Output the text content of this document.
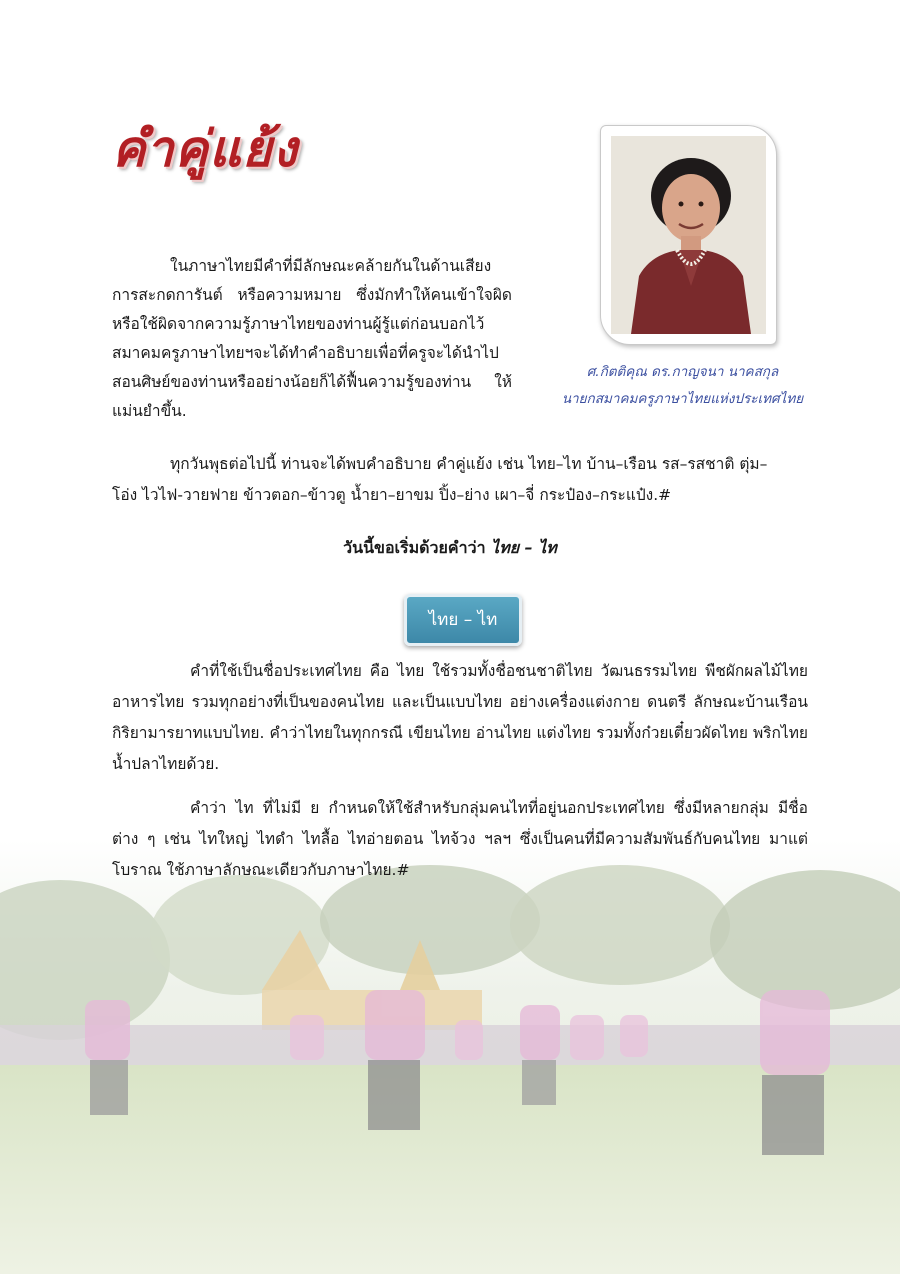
คำคู่แย้ง

ศ.กิตติคุณ ดร.กาญจนา นาคสกุล

นายกสมาคมครูภาษาไทยแห่งประเทศไทย

ในภาษาไทยมีคำที่มีลักษณะคล้ายกันในด้านเสียง การสะกดการันต์ หรือความหมาย ซึ่งมักทำให้คนเข้าใจผิด หรือใช้ผิดจากความรู้ภาษาไทยของท่านผู้รู้แต่ก่อนบอกไว้ สมาคมครูภาษาไทยฯจะได้ทำคำอธิบายเพื่อที่ครูจะได้นำไปสอนศิษย์ของท่านหรืออย่างน้อยก็ได้ฟื้นความรู้ของท่าน ให้แม่นยำขึ้น.

ทุกวันพุธต่อไปนี้ ท่านจะได้พบคำอธิบาย คำคู่แย้ง เช่น ไทย–ไท บ้าน–เรือน รส–รสชาติ ตุ่ม–โอ่ง ไวไฟ-วายฟาย ข้าวตอก–ข้าวตู น้ำยา–ยาขม ปิ้ง–ย่าง เผา–จี่ กระป๋อง–กระแป๋ง.#

วันนี้ขอเริ่มด้วยคำว่า ไทย – ไท

ไทย – ไท

คำที่ใช้เป็นชื่อประเทศไทย คือ ไทย ใช้รวมทั้งชื่อชนชาติไทย วัฒนธรรมไทย พืชผักผลไม้ไทย อาหารไทย รวมทุกอย่างที่เป็นของคนไทย และเป็นแบบไทย อย่างเครื่องแต่งกาย ดนตรี ลักษณะบ้านเรือน กิริยามารยาทแบบไทย. คำว่าไทยในทุกกรณี เขียนไทย อ่านไทย แต่งไทย รวมทั้งก๋วยเตี๋ยวผัดไทย พริกไทย น้ำปลาไทยด้วย.

คำว่า ไท ที่ไม่มี ย กำหนดให้ใช้สำหรับกลุ่มคนไทที่อยู่นอกประเทศไทย ซึ่งมีหลายกลุ่ม มีชื่อต่าง ๆ เช่น ไทใหญ่ ไทดำ ไทลื้อ ไทอ่ายตอน ไทจ้วง ฯลฯ ซึ่งเป็นคนที่มีความสัมพันธ์กับคนไทย มาแต่โบราณ ใช้ภาษาลักษณะเดียวกับภาษาไทย.#
